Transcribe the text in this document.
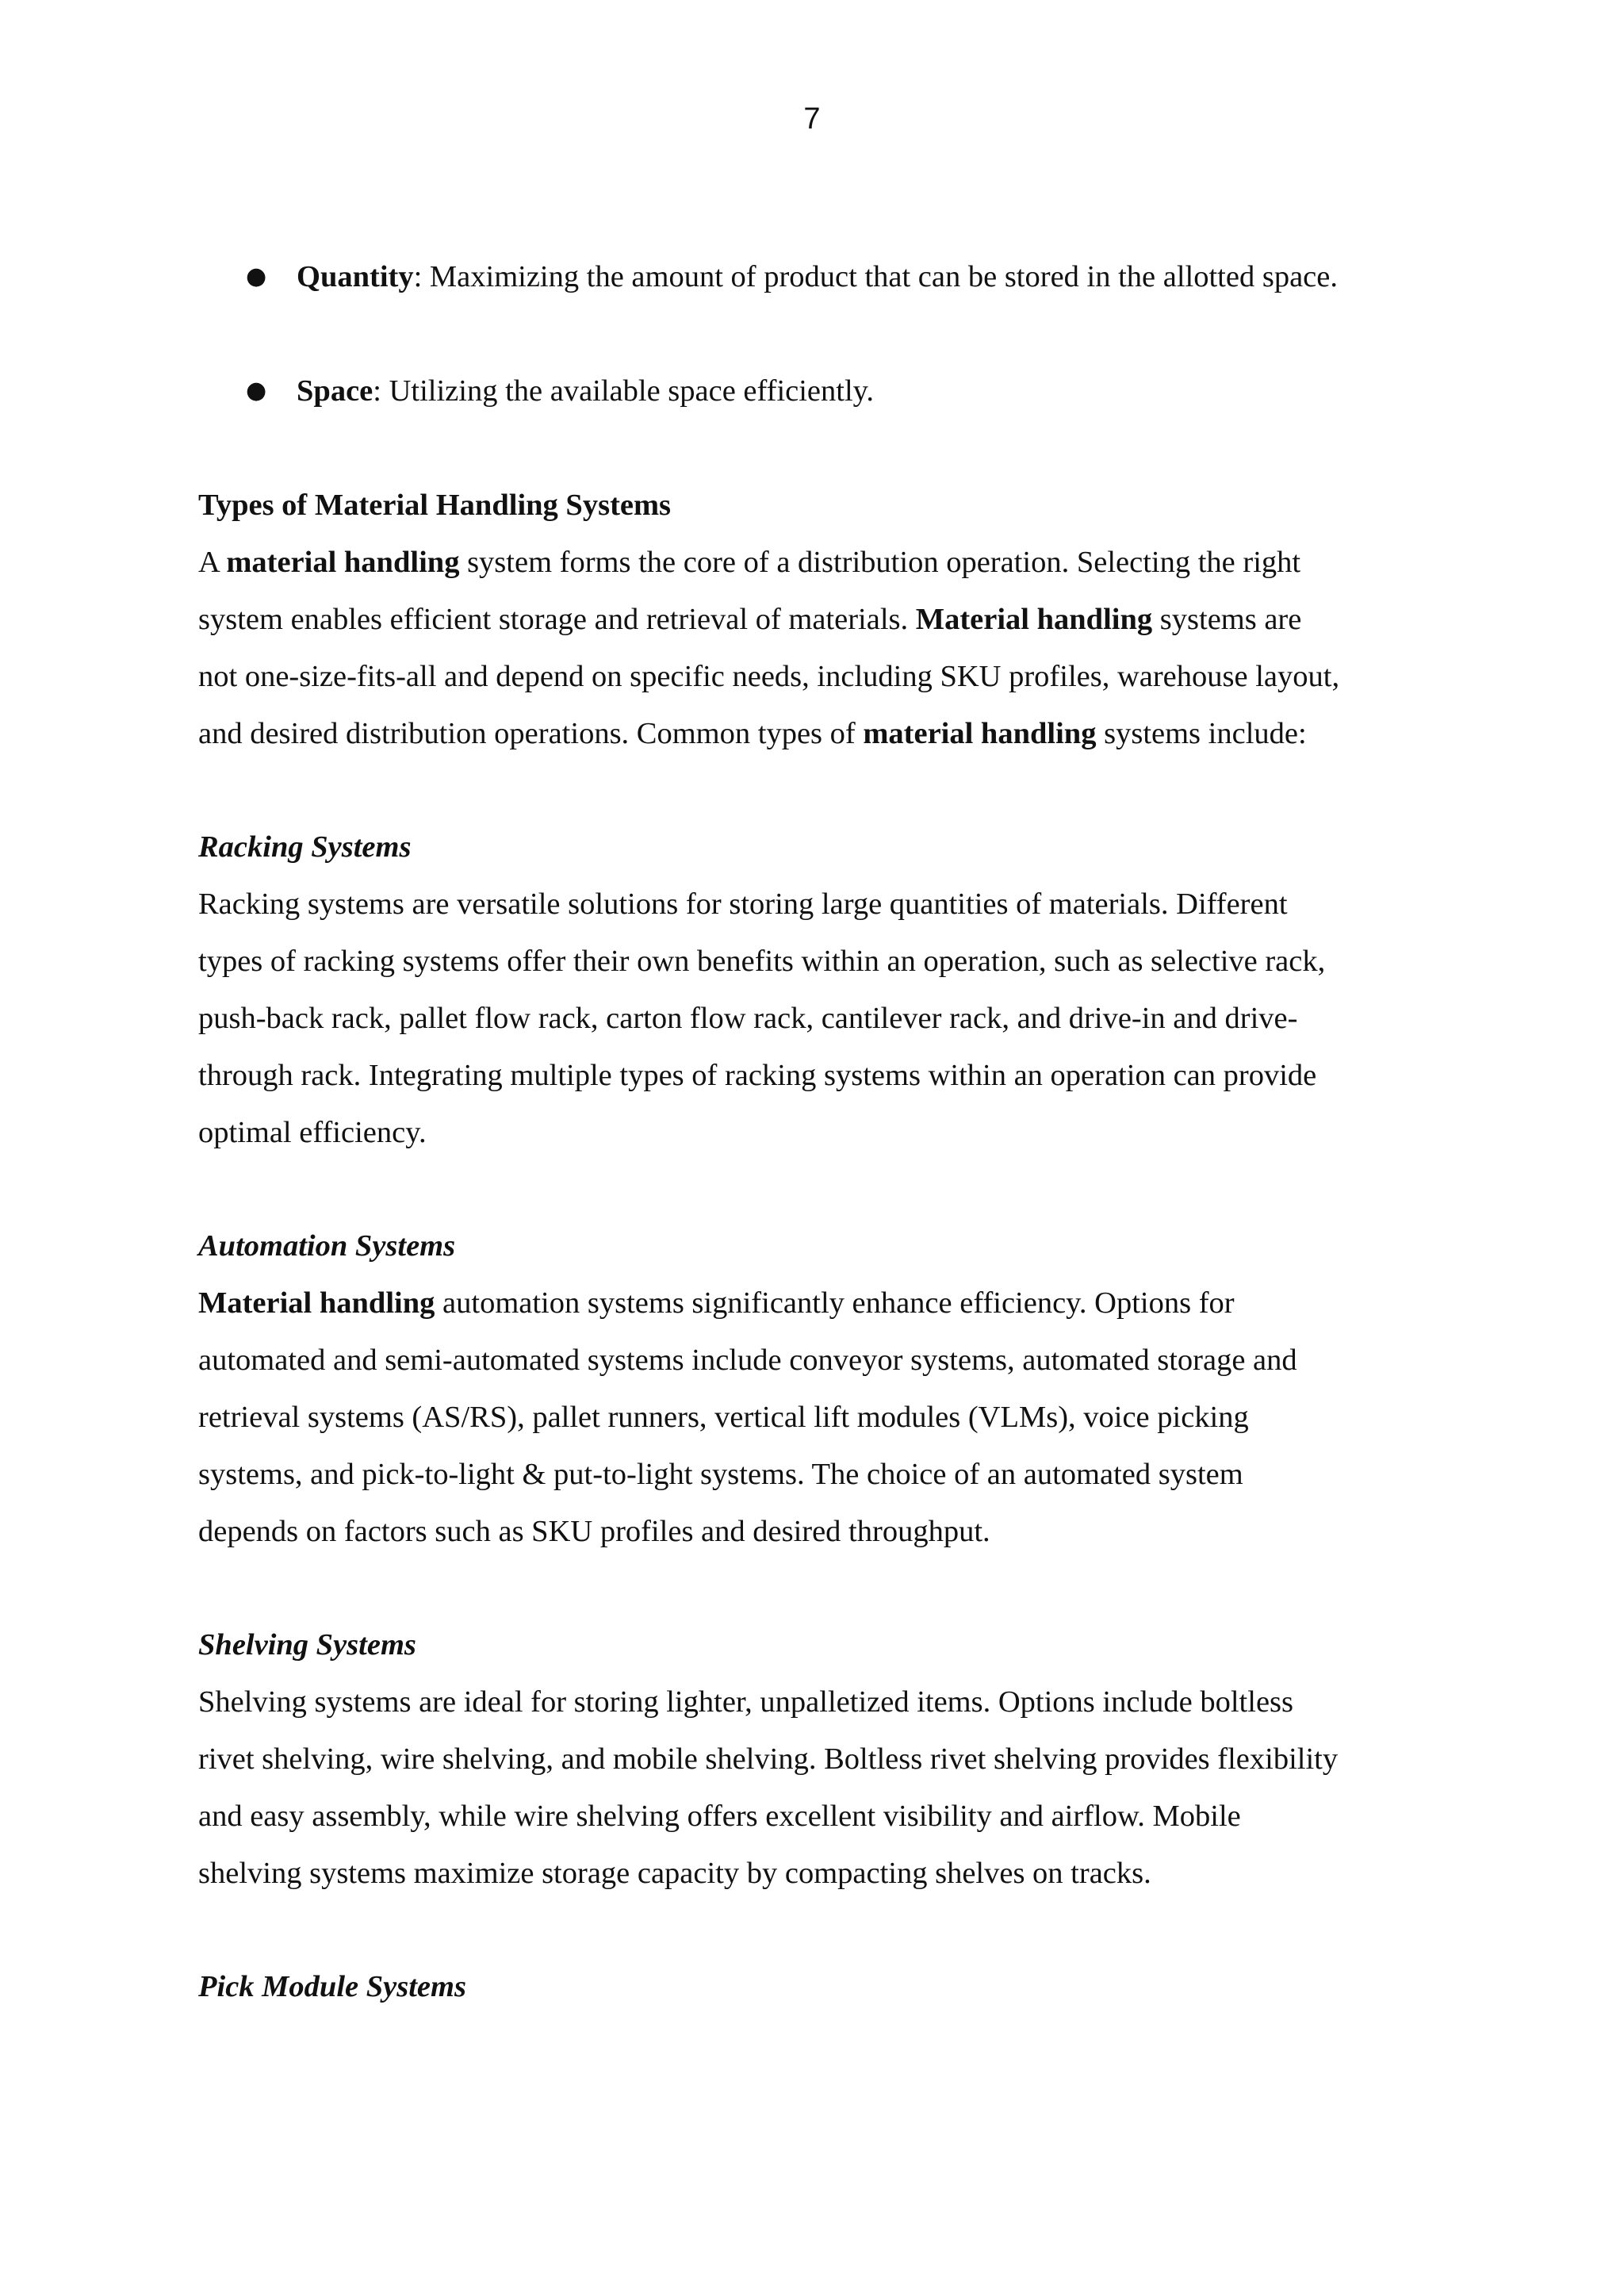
7
● Quantity: Maximizing the amount of product that can be stored in the allotted space.
● Space: Utilizing the available space efficiently.
Types of Material Handling Systems
A material handling system forms the core of a distribution operation. Selecting the right
system enables efficient storage and retrieval of materials. Material handling systems are
not one-size-fits-all and depend on specific needs, including SKU profiles, warehouse layout,
and desired distribution operations. Common types of material handling systems include:
Racking Systems
Racking systems are versatile solutions for storing large quantities of materials. Different
types of racking systems offer their own benefits within an operation, such as selective rack,
push-back rack, pallet flow rack, carton flow rack, cantilever rack, and drive-in and drive-
through rack. Integrating multiple types of racking systems within an operation can provide
optimal efficiency.
Automation Systems
Material handling automation systems significantly enhance efficiency. Options for
automated and semi-automated systems include conveyor systems, automated storage and
retrieval systems (AS/RS), pallet runners, vertical lift modules (VLMs), voice picking
systems, and pick-to-light & put-to-light systems. The choice of an automated system
depends on factors such as SKU profiles and desired throughput.
Shelving Systems
Shelving systems are ideal for storing lighter, unpalletized items. Options include boltless
rivet shelving, wire shelving, and mobile shelving. Boltless rivet shelving provides flexibility
and easy assembly, while wire shelving offers excellent visibility and airflow. Mobile
shelving systems maximize storage capacity by compacting shelves on tracks.
Pick Module Systems
